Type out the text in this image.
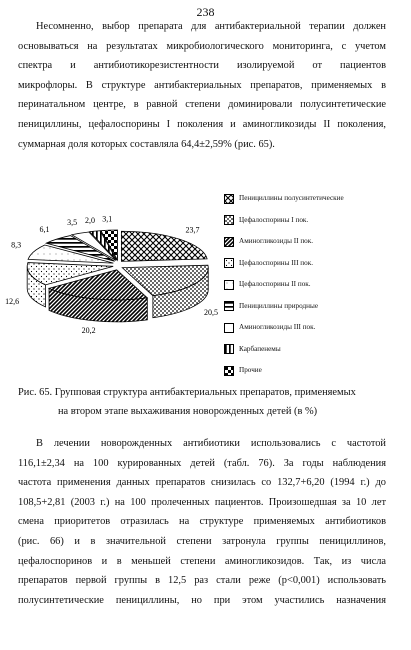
238
Несомненно, выбор препарата для антибактериальной терапии должен
основываться на результатах микробиологического мониторинга, с учетом
спектра и антибиотикорезистентности изолируемой от пациентов
микрофлоры. В структуре антибактериальных препаратов, применяемых в
перинатальном центре, в равной степени доминировали полусинтетические
пенициллины, цефалоспорины I поколения и аминогликозиды II поколения,
суммарная доля которых составляла 64,4±2,59% (рис. 65).
23,7
20,5
20,2
12,6
8,3
6,1
3,5 2,0 3,1
Пенициллины полусинтетические
Цефалоспорины I пок.
Аминогликозиды II пок.
Цефалоспорины III пок.
Цефалоспорины II пок.
Пенициллины природные
Аминогликозиды III пок.
Карбапенемы
Прочие

Рис. 65. Групповая структура антибактериальных препаратов, применяемых
на втором этапе выхаживания новорожденных детей (в %)

В лечении новорожденных антибиотики использовались с частотой
116,1±2,34 на 100 курированных детей (табл. 76). За годы наблюдения
частота применения данных препаратов снизилась со 132,7+6,20 (1994 г.) до
108,5+2,81 (2003 г.) на 100 пролеченных пациентов. Произошедшая за 10 лет
смена приоритетов отразилась на структуре применяемых антибиотиков
(рис. 66) и в значительной степени затронула группы пенициллинов,
цефалоспоринов и в меньшей степени аминогликозидов. Так, из числа
препаратов первой группы в 12,5 раз стали реже (p<0,001) использовать
полусинтетические пенициллины, но при этом участились назначения
